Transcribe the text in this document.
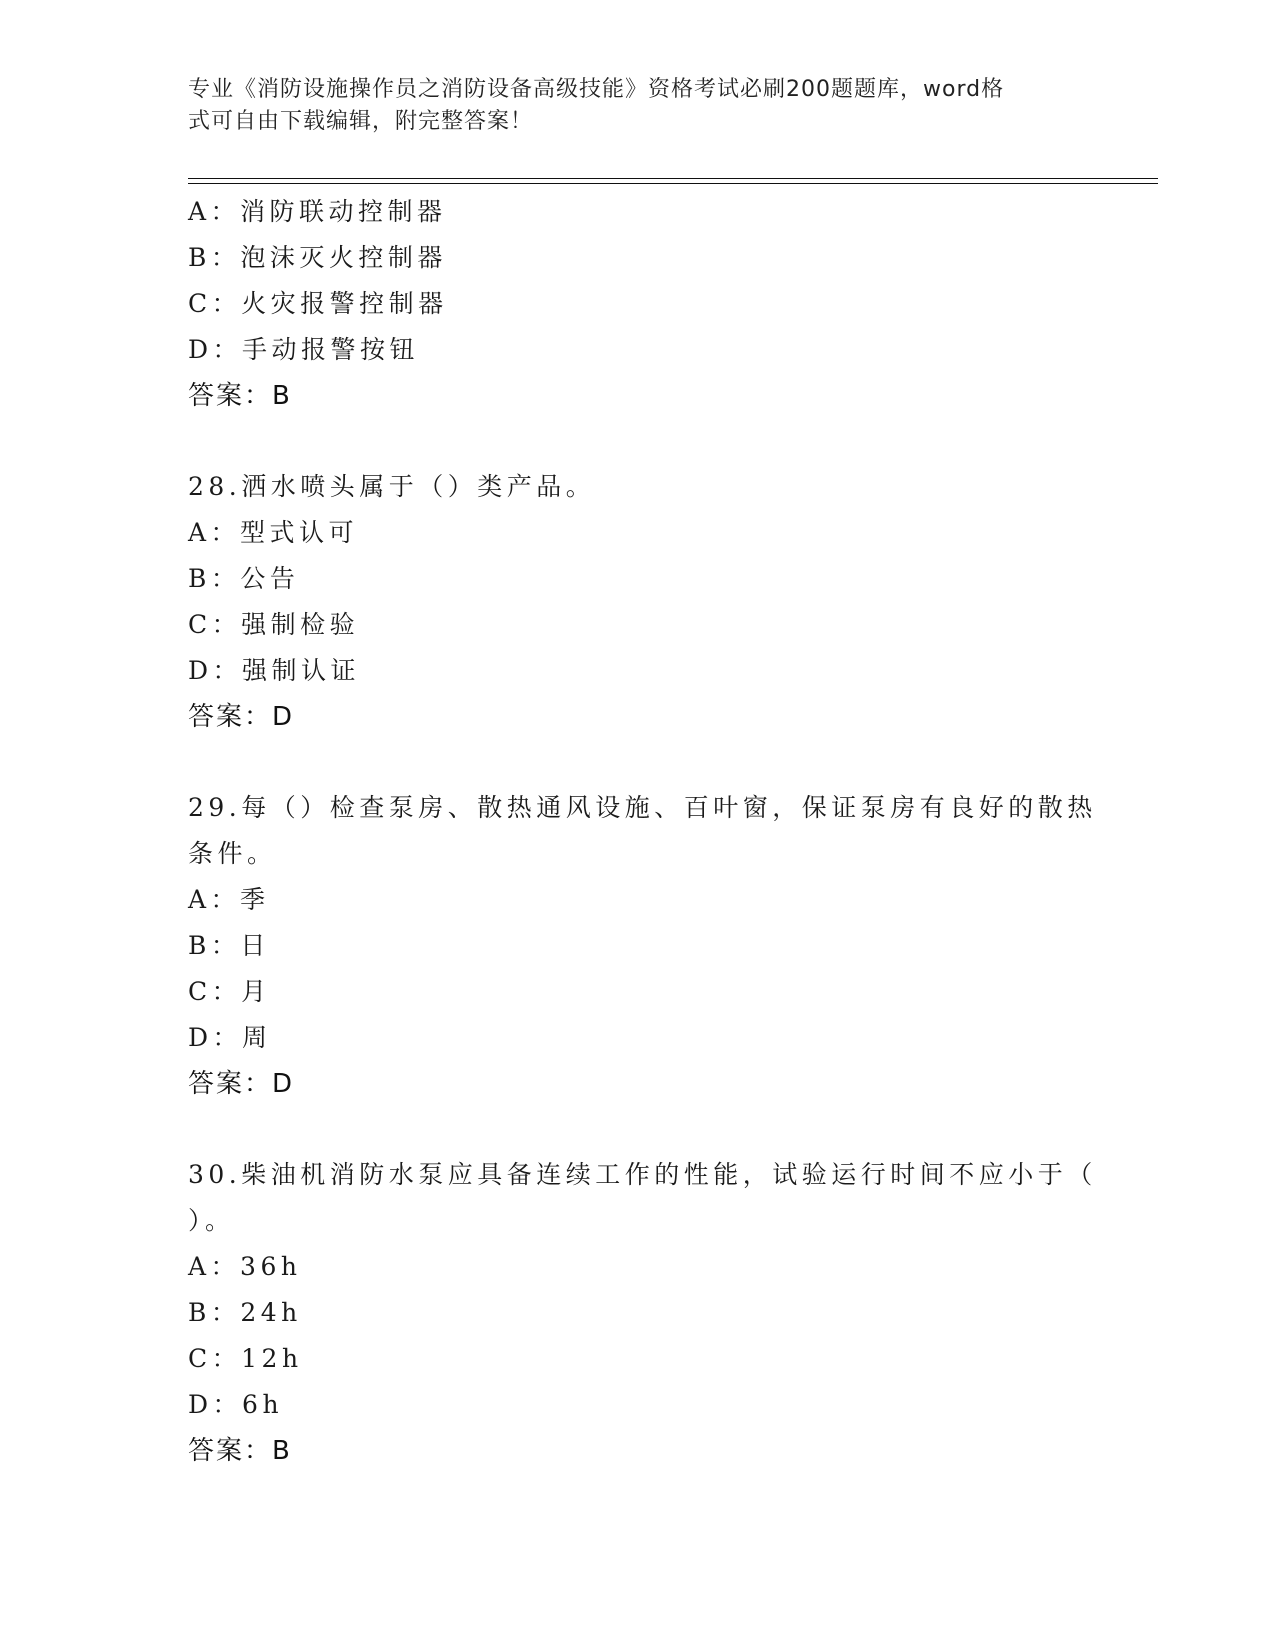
专业《消防设施操作员之消防设备高级技能》资格考试必刷200题题库，word格
式可自由下载编辑，附完整答案！
A：消防联动控制器
B：泡沫灭火控制器
C：火灾报警控制器
D：手动报警按钮
答案：B
28.洒水喷头属于（）类产品。
A：型式认可
B：公告
C：强制检验
D：强制认证
答案：D
29.每（）检查泵房、散热通风设施、百叶窗，保证泵房有良好的散热
条件。
A：季
B：日
C：月
D：周
答案：D
30.柴油机消防水泵应具备连续工作的性能，试验运行时间不应小于（
）。
A：36h
B：24h
C：12h
D：6h
答案：B
